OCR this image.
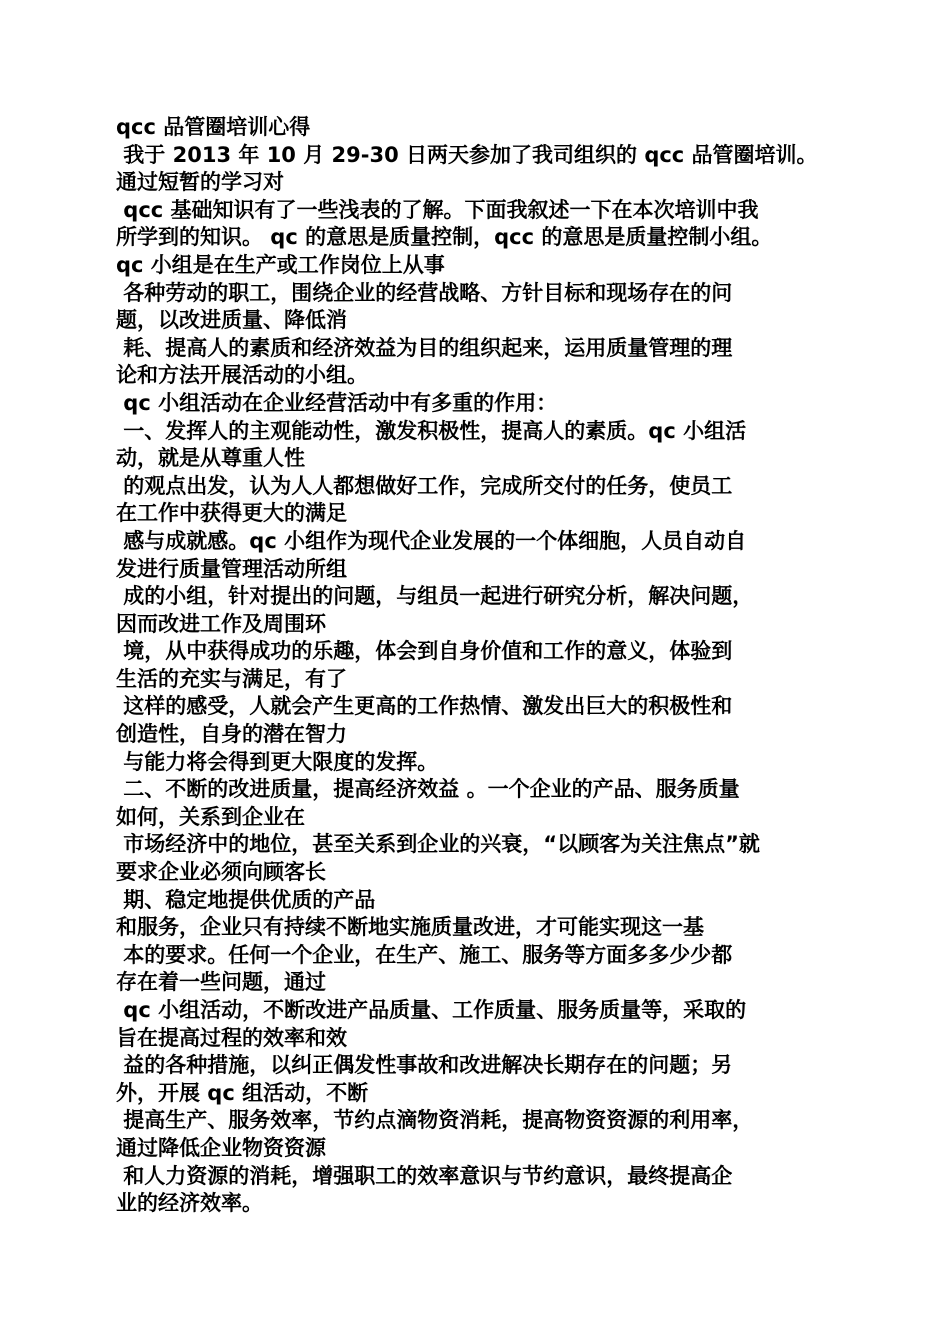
qcc 品管圈培训心得
我于 2013 年 10 月 29-30 日两天参加了我司组织的 qcc 品管圈培训。
通过短暂的学习对
qcc 基础知识有了一些浅表的了解。下面我叙述一下在本次培训中我
所学到的知识。 qc 的意思是质量控制，qcc 的意思是质量控制小组。
qc 小组是在生产或工作岗位上从事
各种劳动的职工，围绕企业的经营战略、方针目标和现场存在的问
题，以改进质量、降低消
耗、提高人的素质和经济效益为目的组织起来，运用质量管理的理
论和方法开展活动的小组。
qc 小组活动在企业经营活动中有多重的作用：
一、发挥人的主观能动性，激发积极性，提高人的素质。qc 小组活
动，就是从尊重人性
的观点出发，认为人人都想做好工作，完成所交付的任务，使员工
在工作中获得更大的满足
感与成就感。qc 小组作为现代企业发展的一个体细胞，人员自动自
发进行质量管理活动所组
成的小组，针对提出的问题，与组员一起进行研究分析，解决问题，
因而改进工作及周围环
境，从中获得成功的乐趣，体会到自身价值和工作的意义，体验到
生活的充实与满足，有了
这样的感受，人就会产生更高的工作热情、激发出巨大的积极性和
创造性，自身的潜在智力
与能力将会得到更大限度的发挥。
二、不断的改进质量，提高经济效益 。一个企业的产品、服务质量
如何，关系到企业在
市场经济中的地位，甚至关系到企业的兴衰，“以顾客为关注焦点”就
要求企业必须向顾客长
期、稳定地提供优质的产品
和服务，企业只有持续不断地实施质量改进，才可能实现这一基
本的要求。任何一个企业，在生产、施工、服务等方面多多少少都
存在着一些问题，通过
qc 小组活动，不断改进产品质量、工作质量、服务质量等，采取的
旨在提高过程的效率和效
益的各种措施，以纠正偶发性事故和改进解决长期存在的问题；另
外，开展 qc 组活动，不断
提高生产、服务效率，节约点滴物资消耗，提高物资资源的利用率，
通过降低企业物资资源
和人力资源的消耗，增强职工的效率意识与节约意识，最终提高企
业的经济效率。
